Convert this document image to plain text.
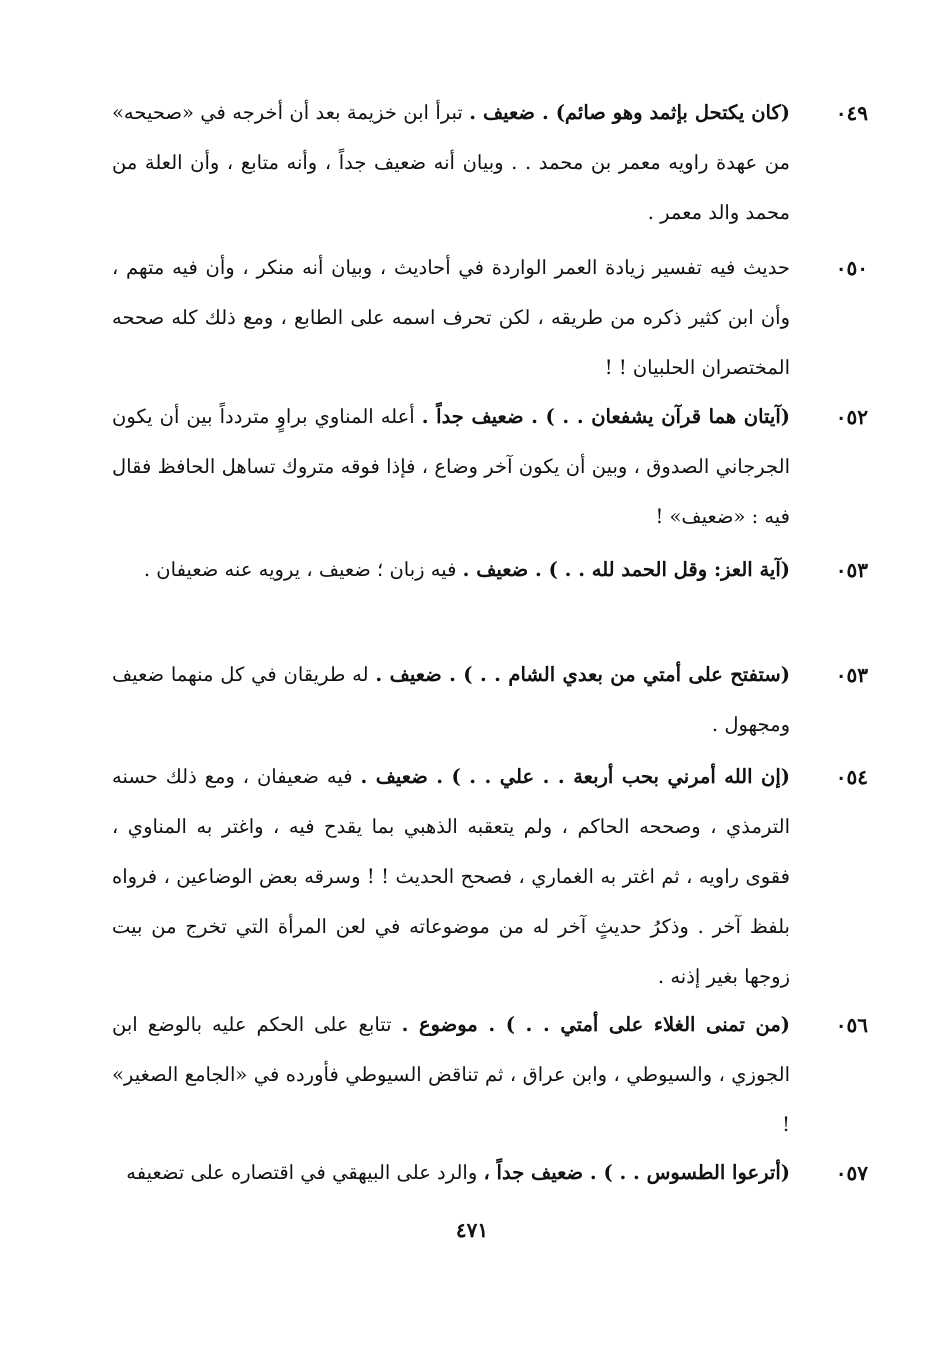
٠٤٩
(كان يكتحل بإثمد وهو صائم) . ضعيف . تبرأ ابن خزيمة بعد أن أخرجه في «صحيحه» من عهدة راويه معمر بن محمد . . وبيان أنه ضعيف جداً ، وأنه متابع ، وأن العلة من محمد والد معمر .
٠٥٠
حديث فيه تفسير زيادة العمر الواردة في أحاديث ، وبيان أنه منكر ، وأن فيه متهم ، وأن ابن كثير ذكره من طريقه ، لكن تحرف اسمه على الطابع ، ومع ذلك كله صححه المختصران الحلبيان ! !
٠٥٢
(آيتان هما قرآن يشفعان . . ) . ضعيف جداً . أعله المناوي براوٍ متردداً بين أن يكون الجرجاني الصدوق ، وبين أن يكون آخر وضاع ، فإذا فوقه متروك تساهل الحافظ فقال فيه : «ضعيف» !
٠٥٣
(آية العز: وقل الحمد لله . . ) . ضعيف . فيه زبان ؛ ضعيف ، يرويه عنه ضعيفان .
٠٥٣
(ستفتح على أمتي من بعدي الشام . . ) . ضعيف . له طريقان في كل منهما ضعيف ومجهول .
٠٥٤
(إن الله أمرني بحب أربعة . . علي . . ) . ضعيف . فيه ضعيفان ، ومع ذلك حسنه الترمذي ، وصححه الحاكم ، ولم يتعقبه الذهبي بما يقدح فيه ، واغتر به المناوي ، فقوى راويه ، ثم اغتر به الغماري ، فصحح الحديث ! ! وسرقه بعض الوضاعين ، فرواه بلفظ آخر . وذكرُ حديثٍ آخر له من موضوعاته في لعن المرأة التي تخرج من بيت زوجها بغير إذنه .
٠٥٦
(من تمنى الغلاء على أمتي . . ) . موضوع . تتابع على الحكم عليه بالوضع ابن الجوزي ، والسيوطي ، وابن عراق ، ثم تناقض السيوطي فأورده في «الجامع الصغير» !
٠٥٧
(أترعوا الطسوس . . ) . ضعيف جداً ، والرد على البيهقي في اقتصاره على تضعيفه
٤٧١
